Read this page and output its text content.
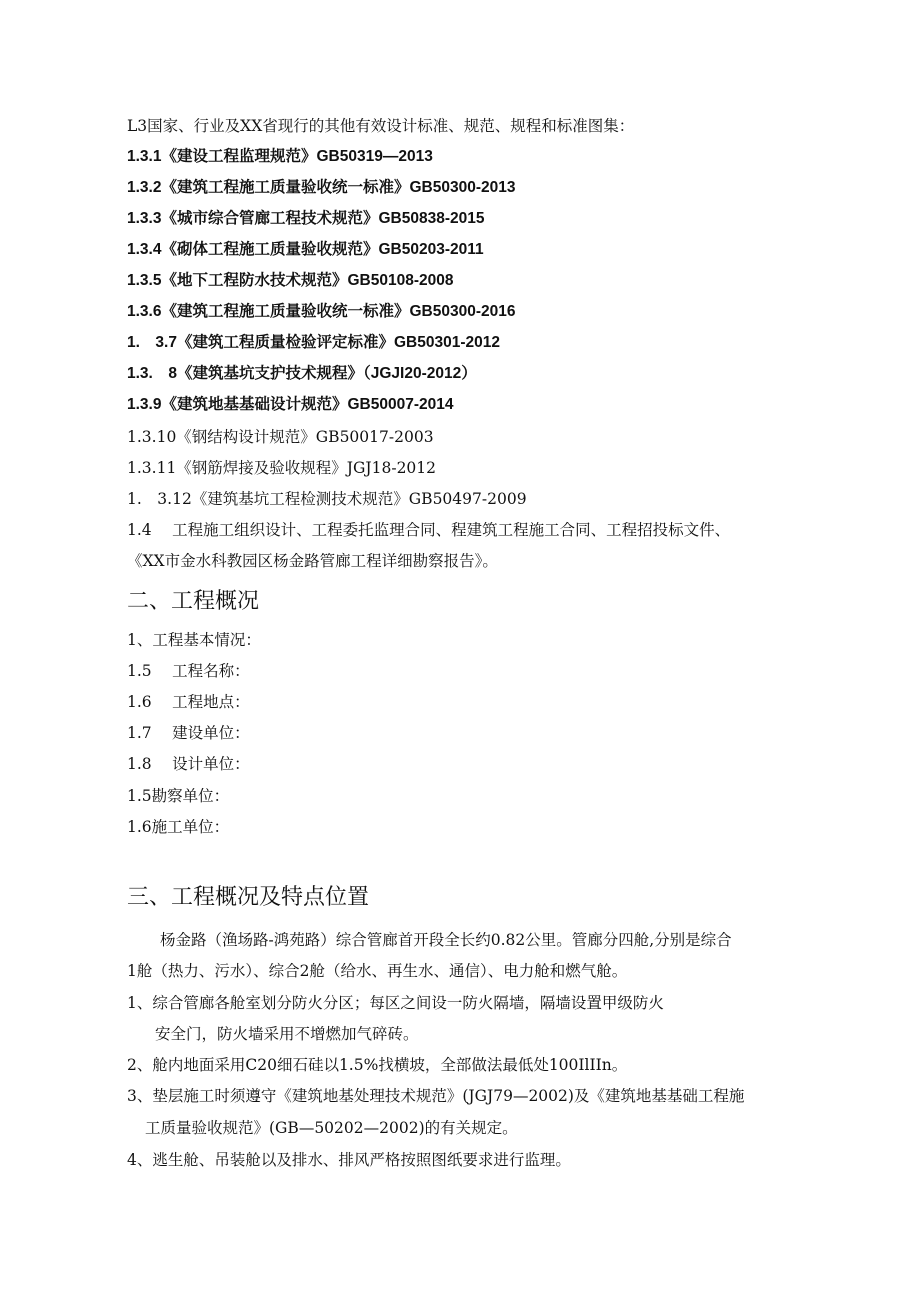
L3国家、行业及XX省现行的其他有效设计标准、规范、规程和标准图集：
1.3.1《建设工程监理规范》GB50319—2013
1.3.2《建筑工程施工质量验收统一标准》GB50300-2013
1.3.3《城市综合管廊工程技术规范》GB50838-2015
1.3.4《砌体工程施工质量验收规范》GB50203-2011
1.3.5《地下工程防水技术规范》GB50108-2008
1.3.6《建筑工程施工质量验收统一标准》GB50300-2016
1.　3.7《建筑工程质量检验评定标准》GB50301-2012
1.3.　8《建筑基坑支护技术规程》（JGJI20-2012）
1.3.9《建筑地基基础设计规范》GB50007-2014
1.3.10《钢结构设计规范》GB50017-2003
1.3.11《钢筋焊接及验收规程》JGJ18-2012
1.　3.12《建筑基坑工程检测技术规范》GB50497-2009
1.4　 工程施工组织设计、工程委托监理合同、程建筑工程施工合同、工程招投标文件、
《XX市金水科教园区杨金路管廊工程详细勘察报告》。
二、工程概况
1、工程基本情况：
1.5　 工程名称：
1.6　 工程地点：
1.7　 建设单位：
1.8　 设计单位：
1.5勘察单位：
1.6施工单位：
三、工程概况及特点位置
杨金路（渔场路-鸿苑路）综合管廊首开段全长约0.82公里。管廊分四舱,分别是综合
1舱（热力、污水）、综合2舱（给水、再生水、通信）、电力舱和燃气舱。
1、综合管廊各舱室划分防火分区；每区之间设一防火隔墙，隔墙设置甲级防火
安全门，防火墙采用不增燃加气碎砖。
2、舱内地面采用C20细石硅以1.5%找横坡，全部做法最低处100IlIIn。
3、垫层施工时须遵守《建筑地基处理技术规范》(JGJ79—2002)及《建筑地基基础工程施
工质量验收规范》(GB—50202—2002)的有关规定。
4、逃生舱、吊装舱以及排水、排风严格按照图纸要求进行监理。
